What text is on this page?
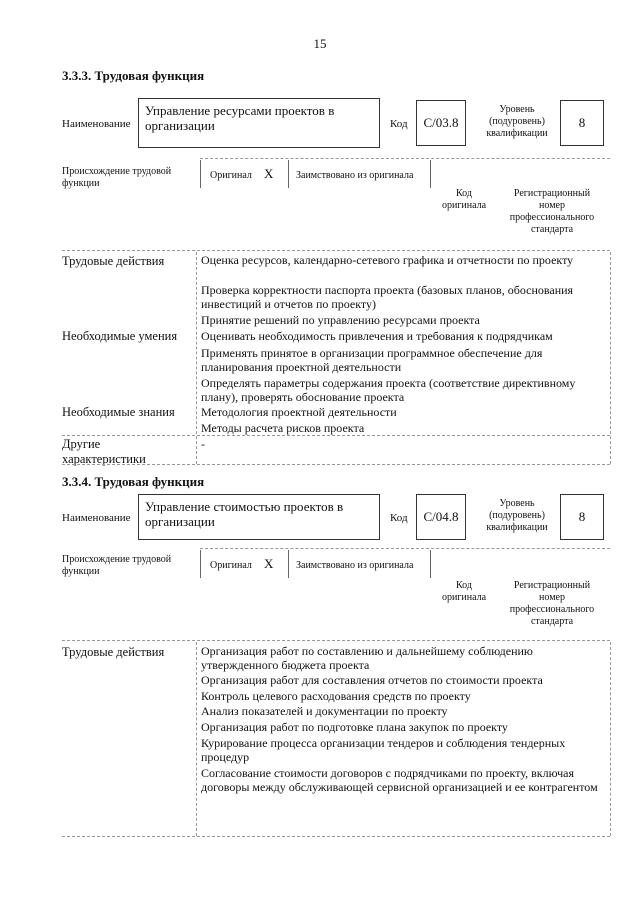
15
3.3.3. Трудовая функция
Наименование
Управление ресурсами проектов в организации	Код C/03.8
Уровень (подуровень) квалификации
8
Происхождение трудовой функции
Оригинал X Заимствовано из оригинала
Код оригинала
Регистрационный номер профессионального стандарта
Трудовые действия	Оценка ресурсов, календарно-сетевого графика и отчетности по проекту
Проверка корректности паспорта проекта (базовых планов, обоснования инвестиций и отчетов по проекту)
Принятие решений по управлению ресурсами проекта
Необходимые умения Оценивать необходимость привлечения и требования к подрядчикам
Применять принятое в организации программное обеспечение для планирования проектной деятельности
Определять параметры содержания проекта (соответствие директивному плану), проверять обоснование проекта
Необходимые знания Методология проектной деятельности
Методы расчета рисков проекта
Другие характеристики
-
3.3.4. Трудовая функция
Наименование
Управление стоимостью проектов в организации	Код C/04.8
Уровень (подуровень) квалификации
8
Происхождение трудовой функции
Оригинал X Заимствовано из оригинала
Код оригинала
Регистрационный номер профессионального стандарта
Трудовые действия	Организация работ по составлению и дальнейшему соблюдению утвержденного бюджета проекта
Организация работ для составления отчетов по стоимости проекта
Контроль целевого расходования средств по проекту
Анализ показателей и документации по проекту
Организация работ по подготовке плана закупок по проекту
Курирование процесса организации тендеров и соблюдения тендерных процедур
Согласование стоимости договоров с подрядчиками по проекту, включая договоры между обслуживающей сервисной организацией и ее контрагентом
